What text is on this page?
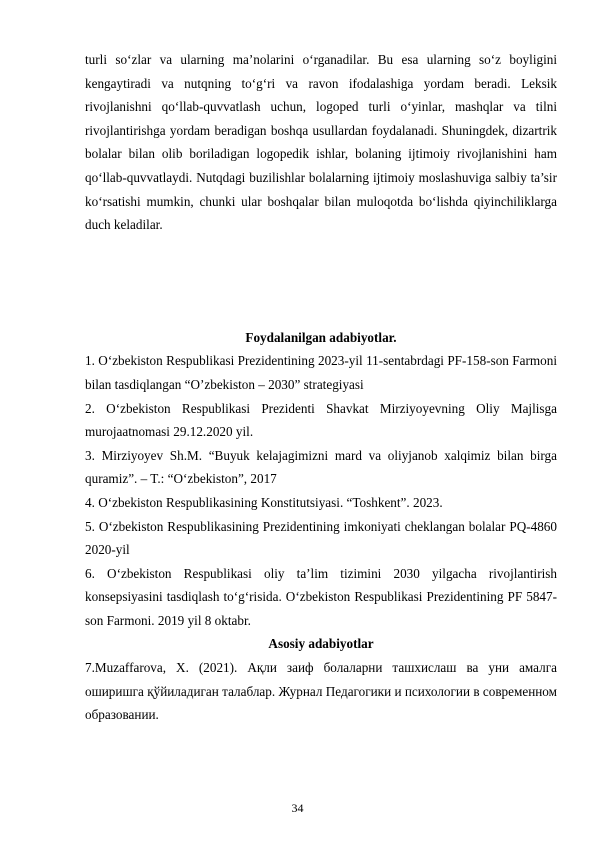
turli so‘zlar va ularning ma’nolarini o‘rganadilar. Bu esa ularning so‘z boyligini kengaytiradi va nutqning to‘g‘ri va ravon ifodalashiga yordam beradi. Leksik rivojlanishni qo‘llab-quvvatlash uchun, logoped turli o‘yinlar, mashqlar va tilni rivojlantirishga yordam beradigan boshqa usullardan foydalanadi. Shuningdek, dizartrik bolalar bilan olib boriladigan logopedik ishlar, bolaning ijtimoiy rivojlanishini ham qo‘llab-quvvatlaydi. Nutqdagi buzilishlar bolalarning ijtimoiy moslashuviga salbiy ta’sir ko‘rsatishi mumkin, chunki ular boshqalar bilan muloqotda bo‘lishda qiyinchiliklarga duch keladilar.

Foydalanilgan adabiyotlar.

1. O‘zbekiston Respublikasi Prezidentining 2023-yil 11-sentabrdagi PF-158-son Farmoni bilan tasdiqlangan “O’zbekiston – 2030” strategiyasi

2. O‘zbekiston Respublikasi Prezidenti Shavkat Mirziyoyevning Oliy Majlisga murojaatnomasi 29.12.2020 yil.

3. Mirziyoyev Sh.M. “Buyuk kelajagimizni mard va oliyjanob xalqimiz bilan birga quramiz”. – T.: “O‘zbekiston”, 2017

4. O‘zbekiston Respublikasining Konstitutsiyasi. “Toshkent”. 2023.

5. O‘zbekiston Respublikasining Prezidentining imkoniyati cheklangan bolalar PQ-4860 2020-yil

6. O‘zbekiston Respublikasi oliy ta’lim tizimini 2030 yilgacha rivojlantirish konsepsiyasini tasdiqlash to‘g‘risida. O‘zbekiston Respublikasi Prezidentining PF 5847-son Farmoni. 2019 yil 8 oktabr.

Asosiy adabiyotlar

7.Muzaffarova, X. (2021). Ақли заиф болаларни ташхислаш ва уни амалга оширишга қўйиладиган талаблар. Журнал Педагогики и психологии в современном образовании.

34
